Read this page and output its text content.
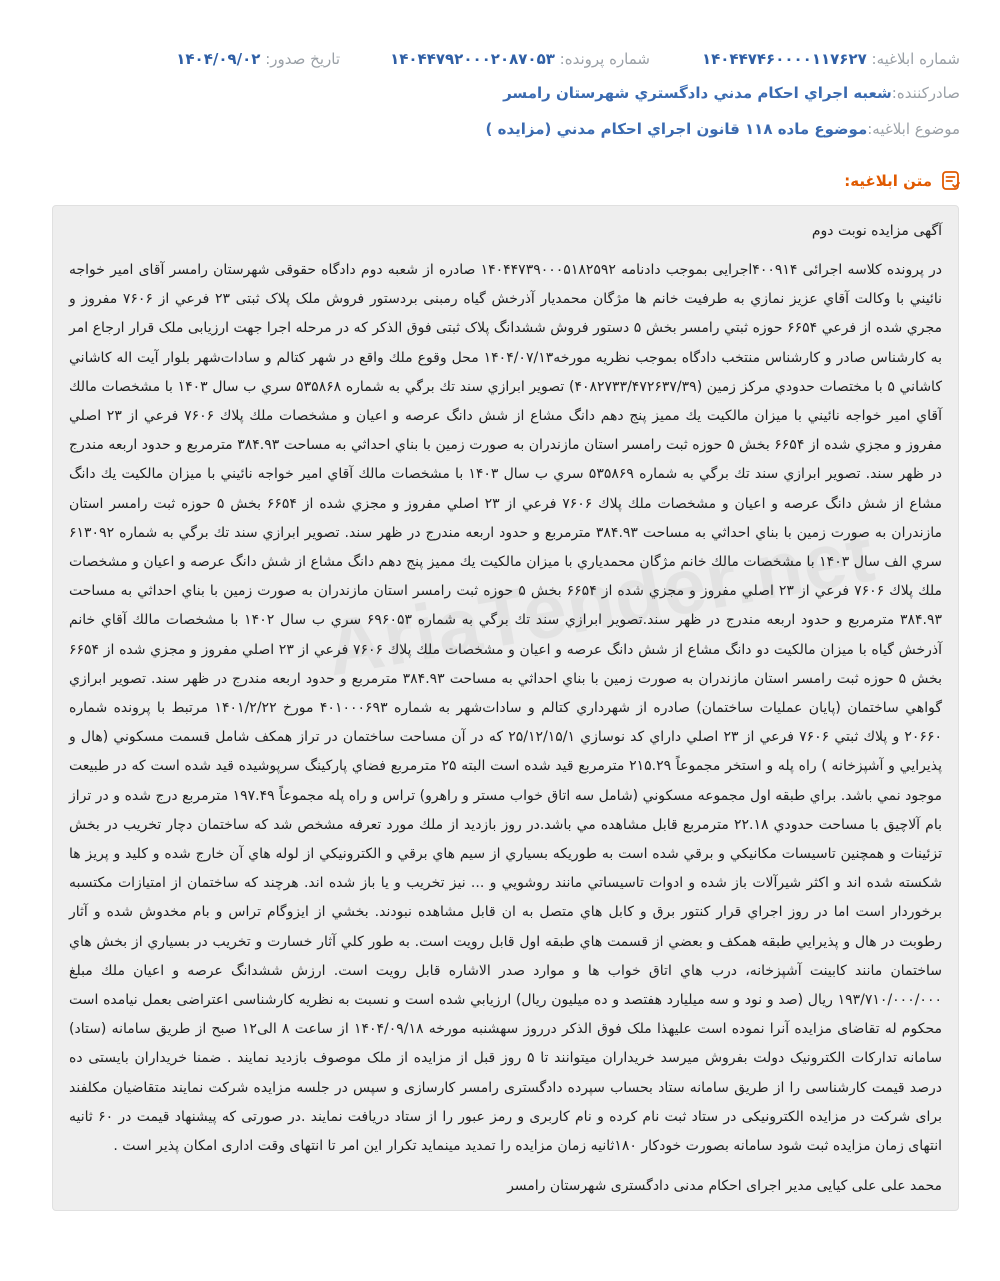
شماره ابلاغیه: ۱۴۰۴۴۷۴۶۰۰۰۰۱۱۷۶۲۷
شماره پرونده: ۱۴۰۴۴۷۹۲۰۰۰۲۰۸۷۰۵۳
تاریخ صدور: ۱۴۰۴/۰۹/۰۲
صادرکننده:
شعبه اجراي احکام مدني دادگستري شهرستان رامسر
موضوع ابلاغیه:
موضوع ماده ۱۱۸ قانون اجراي احکام مدني (مزايده )
متن ابلاغیه:

آگهی مزایده نوبت دوم

در پرونده کلاسه اجرائی ۴۰۰۹۱۴اجرایی بموجب دادنامه ۱۴۰۴۴۷۳۹۰۰۰۵۱۸۲۵۹۲ صادره از شعبه دوم دادگاه حقوقی شهرستان رامسر آقای امیر خواجه نائيني با وكالت آقاي عزيز نمازي به طرفيت خانم ها مژگان محمديار آذرخش گياه رمبنی بردستور فروش ملک پلاک ثبتی ۲۳ فرعي از ۷۶۰۶ مفروز و مجري شده از فرعي ۶۶۵۴ حوزه ثبتي رامسر بخش ۵ دستور فروش ششدانگ پلاک ثبتی فوق الذکر که در مرحله اجرا جهت ارزیابی ملک قرار ارجاع امر به کارشناس صادر و کارشناس منتخب دادگاه بموجب نظریه مورخه۱۴۰۴/۰۷/۱۳ محل وقوع ملك واقع در شهر كتالم و سادات‌شهر بلوار آيت اله كاشاني كاشاني ۵ با مختصات حدودي مركز زمين (۴۰۸۲۷۳۳/۴۷۲۶۳۷/۳۹) تصوير ابرازي سند تك برگي به شماره ۵۳۵۸۶۸ سري ب سال ۱۴۰۳ با مشخصات مالك آقاي امير خواجه نائيني با ميزان مالكيت يك ممیز پنج دهم دانگ مشاع از شش دانگ عرصه و اعيان و مشخصات ملك پلاك ۷۶۰۶ فرعي از ۲۳ اصلي مفروز و مجزي شده از ۶۶۵۴ بخش ۵ حوزه ثبت رامسر استان مازندران به صورت زمين با بناي احداثي به مساحت ۳۸۴.۹۳ مترمربع و حدود اربعه مندرج در ظهر سند. تصوير ابرازي سند تك برگي به شماره ۵۳۵۸۶۹ سري ب سال ۱۴۰۳ با مشخصات مالك آقاي امير خواجه نائيني با ميزان مالكيت يك دانگ مشاع از شش دانگ عرصه و اعيان و مشخصات ملك پلاك ۷۶۰۶ فرعي از ۲۳ اصلي مفروز و مجزي شده از ۶۶۵۴ بخش ۵ حوزه ثبت رامسر استان مازندران به صورت زمين با بناي احداثي به مساحت ۳۸۴.۹۳ مترمربع و حدود اربعه مندرج در ظهر سند. تصوير ابرازي سند تك برگي به شماره ۶۱۳۰۹۲ سري الف سال ۱۴۰۳ با مشخصات مالك خانم مژگان محمدياري با ميزان مالكيت يك ممیز پنج دهم دانگ مشاع از شش دانگ عرصه و اعيان و مشخصات ملك پلاك ۷۶۰۶ فرعي از ۲۳ اصلي مفروز و مجزي شده از ۶۶۵۴ بخش ۵ حوزه ثبت رامسر استان مازندران به صورت زمين با بناي احداثي به مساحت ۳۸۴.۹۳ مترمربع و حدود اربعه مندرج در ظهر سند.تصوير ابرازي سند تك برگي به شماره ۶۹۶۰۵۳ سري ب سال ۱۴۰۲ با مشخصات مالك آقاي خانم آذرخش گياه با ميزان مالكيت دو دانگ مشاع از شش دانگ عرصه و اعيان و مشخصات ملك پلاك ۷۶۰۶ فرعي از ۲۳ اصلي مفروز و مجزي شده از ۶۶۵۴ بخش ۵ حوزه ثبت رامسر استان مازندران به صورت زمين با بناي احداثي به مساحت ۳۸۴.۹۳ مترمربع و حدود اربعه مندرج در ظهر سند. تصوير ابرازي گواهي ساختمان (پايان عمليات ساختمان) صادره از شهرداري كتالم و سادات‌شهر به شماره ۴۰۱۰۰۰۶۹۳ مورخ ۱۴۰۱/۲/۲۲ مرتبط با پرونده شماره ۲۰۶۶۰ و پلاك ثبتي ۷۶۰۶ فرعي از ۲۳ اصلي داراي كد نوسازي ۲۵/۱۲/۱۵/۱ كه در آن مساحت ساختمان در تراز همكف شامل قسمت مسكوني (هال و پذيرايي و آشپزخانه ) راه پله و استخر مجموعاً ۲۱۵.۲۹ مترمربع قيد شده است البته ۲۵ مترمربع فضاي پاركينگ سرپوشيده قيد شده است كه در طبيعت موجود نمي باشد. براي طبقه اول مجموعه مسكوني (شامل سه اتاق خواب مستر و راهرو) تراس و راه پله مجموعاً ۱۹۷.۴۹ مترمربع درج شده و در تراز بام آلاچيق با مساحت حدودي ۲۲.۱۸ مترمربع قابل مشاهده مي باشد.در روز بازديد از ملك مورد تعرفه مشخص شد كه ساختمان دچار تخريب در بخش تزئينات و همچنين تاسيسات مكانيكي و برقي شده است به طوريكه بسياري از سيم هاي برقي و الكترونيكي از لوله هاي آن خارج شده و كليد و پريز ها شكسته شده اند و اكثر شيرآلات باز شده و ادوات تاسيساتي مانند روشويي و ... نيز تخريب و يا باز شده اند. هرچند كه ساختمان از امتيازات مكتسبه برخوردار است اما در روز اجراي قرار كنتور برق و كابل هاي متصل به ان قابل مشاهده نبودند. بخشي از ايزوگام تراس و بام مخدوش شده و آثار رطوبت در هال و پذيرايي طبقه همكف و بعضي از قسمت هاي طبقه اول قابل رويت است. به طور كلي آثار خسارت و تخريب در بسياري از بخش هاي ساختمان مانند كابينت آشپزخانه، درب هاي اتاق خواب ها و موارد صدر الاشاره قابل رويت است. ارزش ششدانگ عرصه و اعيان ملك مبلغ ۱۹۳/۷۱۰/۰۰۰/۰۰۰ ريال (صد و نود و سه ميليارد هفتصد و ده ميليون ريال) ارزيابي شده است و نسبت به نظريه کارشناسی اعتراضی بعمل نیامده است محکوم له تقاضای مزایده آنرا نموده است علیهذا ملک فوق الذکر درروز سهشنبه مورخه ۱۴۰۴/۰۹/۱۸ از ساعت ۸ الی۱۲ صبح از طریق سامانه (ستاد) سامانه تدارکات الکترونیک دولت بفروش میرسد خریداران میتوانند تا ۵ روز قبل از مزایده از ملک موصوف بازدید نمایند . ضمنا خریداران بایستی ده درصد قیمت کارشناسی را از طریق سامانه ستاد بحساب سپرده دادگستری رامسر کارسازی و سپس در جلسه مزایده شرکت نمایند متقاضیان مکلفند برای شرکت در مزایده الکترونیکی در ستاد ثبت نام کرده و نام کاربری و رمز عبور را از ستاد دریافت نمایند .در صورتی که پیشنهاد قیمت در ۶۰ ثانیه انتهای زمان مزایده ثبت شود سامانه بصورت خودکار ۱۸۰ثانیه زمان مزایده را تمدید مینماید تکرار این امر تا انتهای وقت اداری امکان پذیر است .

محمد علی علی کیایی مدیر اجرای احکام مدنی دادگستری شهرستان رامسر
